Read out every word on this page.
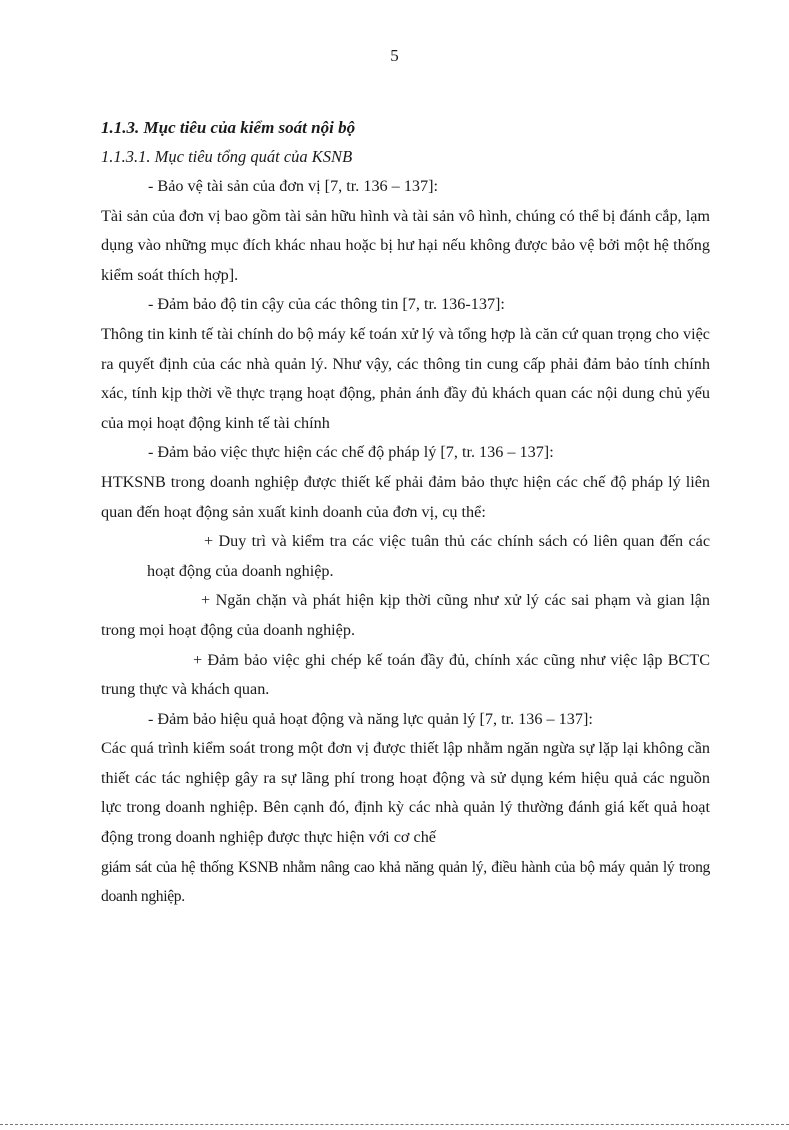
5

1.1.3. Mục tiêu của kiểm soát nội bộ

1.1.3.1. Mục tiêu tổng quát của KSNB

- Bảo vệ tài sản của đơn vị [7, tr. 136 – 137]:

Tài sản của đơn vị bao gồm tài sản hữu hình và tài sản vô hình, chúng có thể bị đánh cắp, lạm dụng vào những mục đích khác nhau hoặc bị hư hại nếu không được bảo vệ bởi một hệ thống kiểm soát thích hợp].

- Đảm bảo độ tin cậy của các thông tin [7, tr. 136-137]:

Thông tin kinh tế tài chính do bộ máy kế toán xử lý và tổng hợp là căn cứ quan trọng cho việc ra quyết định của các nhà quản lý. Như vậy, các thông tin cung cấp phải đảm bảo tính chính xác, tính kịp thời về thực trạng hoạt động, phản ánh đầy đủ khách quan các nội dung chủ yếu của mọi hoạt động kinh tế tài chính

- Đảm bảo việc thực hiện các chế độ pháp lý [7, tr. 136 – 137]:

HTKSNB trong doanh nghiệp được thiết kế phải đảm bảo thực hiện các chế độ pháp lý liên quan đến hoạt động sản xuất kinh doanh của đơn vị, cụ thể:

+ Duy trì và kiểm tra các việc tuân thủ các chính sách có liên quan đến các hoạt động của doanh nghiệp.

+ Ngăn chặn và phát hiện kịp thời cũng như xử lý các sai phạm và gian lận trong mọi hoạt động của doanh nghiệp.

+ Đảm bảo việc ghi chép kế toán đầy đủ, chính xác cũng như việc lập BCTC trung thực và khách quan.

- Đảm bảo hiệu quả hoạt động và năng lực quản lý [7, tr. 136 – 137]:

Các quá trình kiểm soát trong một đơn vị được thiết lập nhằm ngăn ngừa sự lặp lại không cần thiết các tác nghiệp gây ra sự lãng phí trong hoạt động và sử dụng kém hiệu quả các nguồn lực trong doanh nghiệp. Bên cạnh đó, định kỳ các nhà quản lý thường đánh giá kết quả hoạt động trong doanh nghiệp được thực hiện với cơ chế

giám sát của hệ thống KSNB nhằm nâng cao khả năng quản lý, điều hành của bộ máy quản lý trong doanh nghiệp.
